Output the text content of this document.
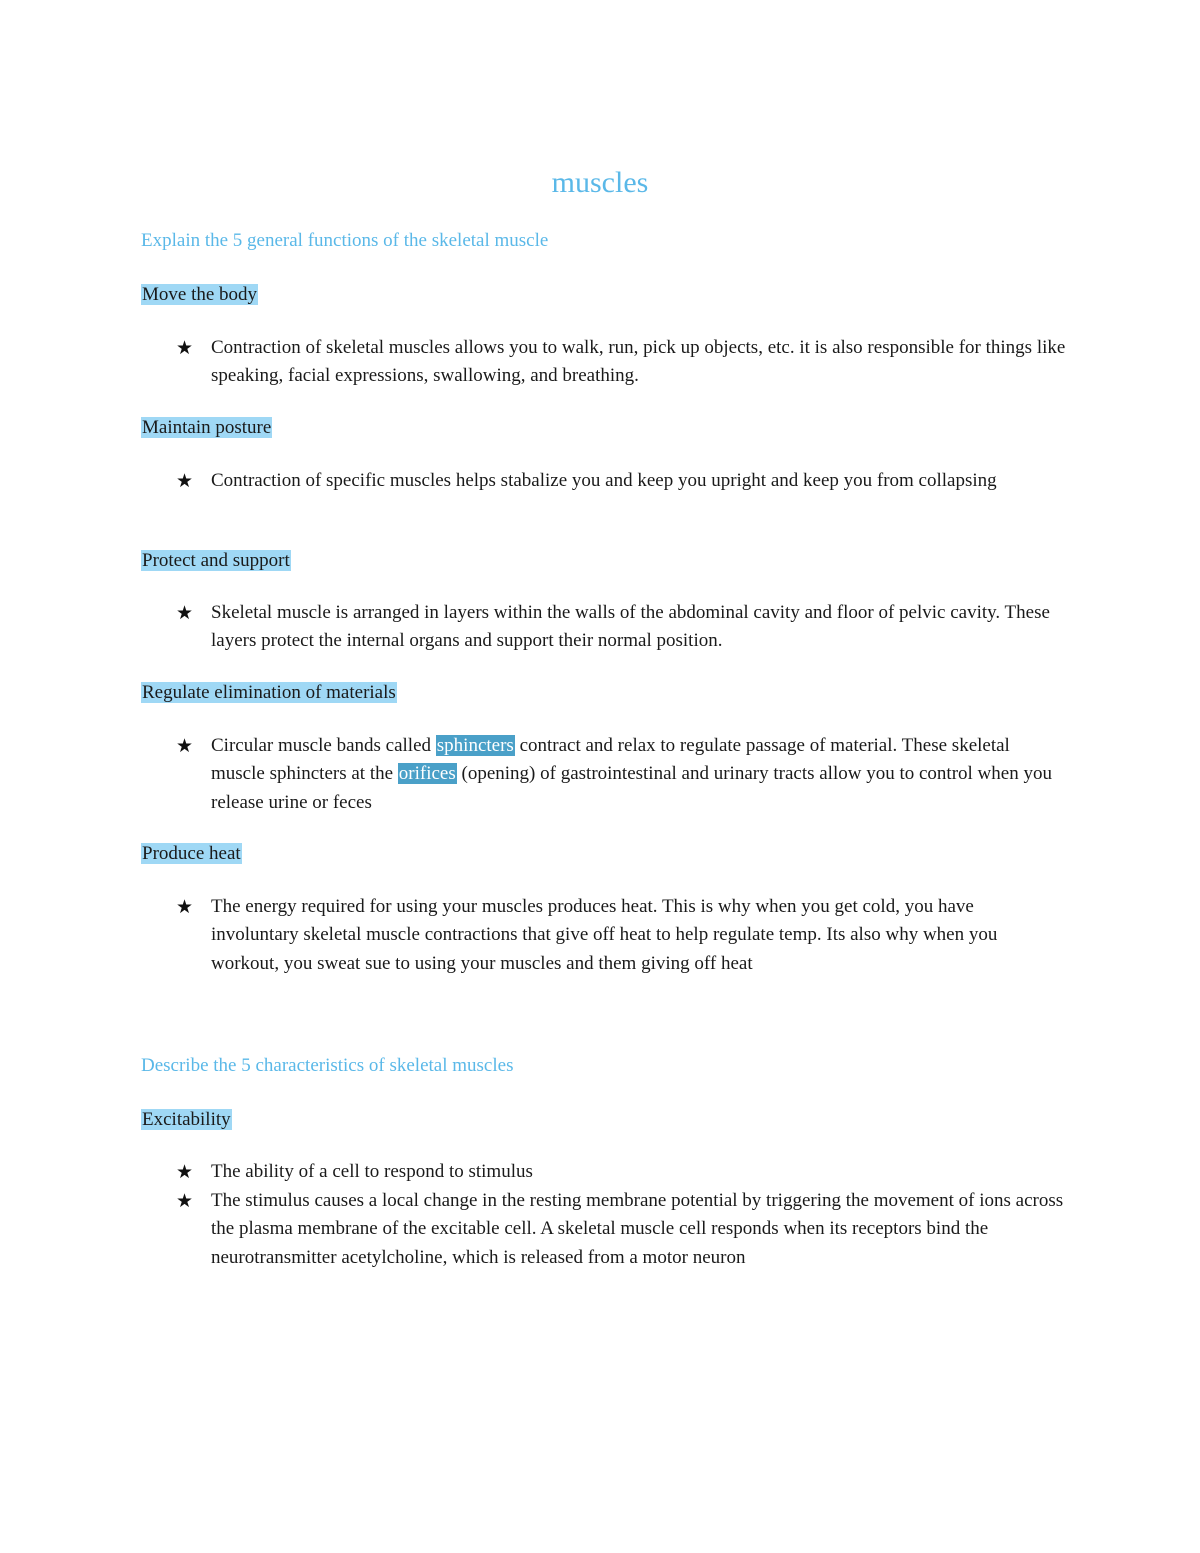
muscles
Explain the 5 general functions of the skeletal muscle

Move the body

★ Contraction of skeletal muscles allows you to walk, run, pick up objects, etc. it is also responsible for things like speaking, facial expressions, swallowing, and breathing.

Maintain posture

★ Contraction of specific muscles helps stabalize you and keep you upright and keep you from collapsing

Protect and support

★ Skeletal muscle is arranged in layers within the walls of the abdominal cavity and floor of pelvic cavity. These layers protect the internal organs and support their normal position.

Regulate elimination of materials

★ Circular muscle bands called sphincters contract and relax to regulate passage of material. These skeletal muscle sphincters at the orifices (opening) of gastrointestinal and urinary tracts allow you to control when you release urine or feces

Produce heat

★ The energy required for using your muscles produces heat. This is why when you get cold, you have involuntary skeletal muscle contractions that give off heat to help regulate temp. Its also why when you workout, you sweat sue to using your muscles and them giving off heat

Describe the 5 characteristics of skeletal muscles

Excitability

★ The ability of a cell to respond to stimulus

★ The stimulus causes a local change in the resting membrane potential by triggering the movement of ions across the plasma membrane of the excitable cell. A skeletal muscle cell responds when its receptors bind the neurotransmitter acetylcholine, which is released from a motor neuron
